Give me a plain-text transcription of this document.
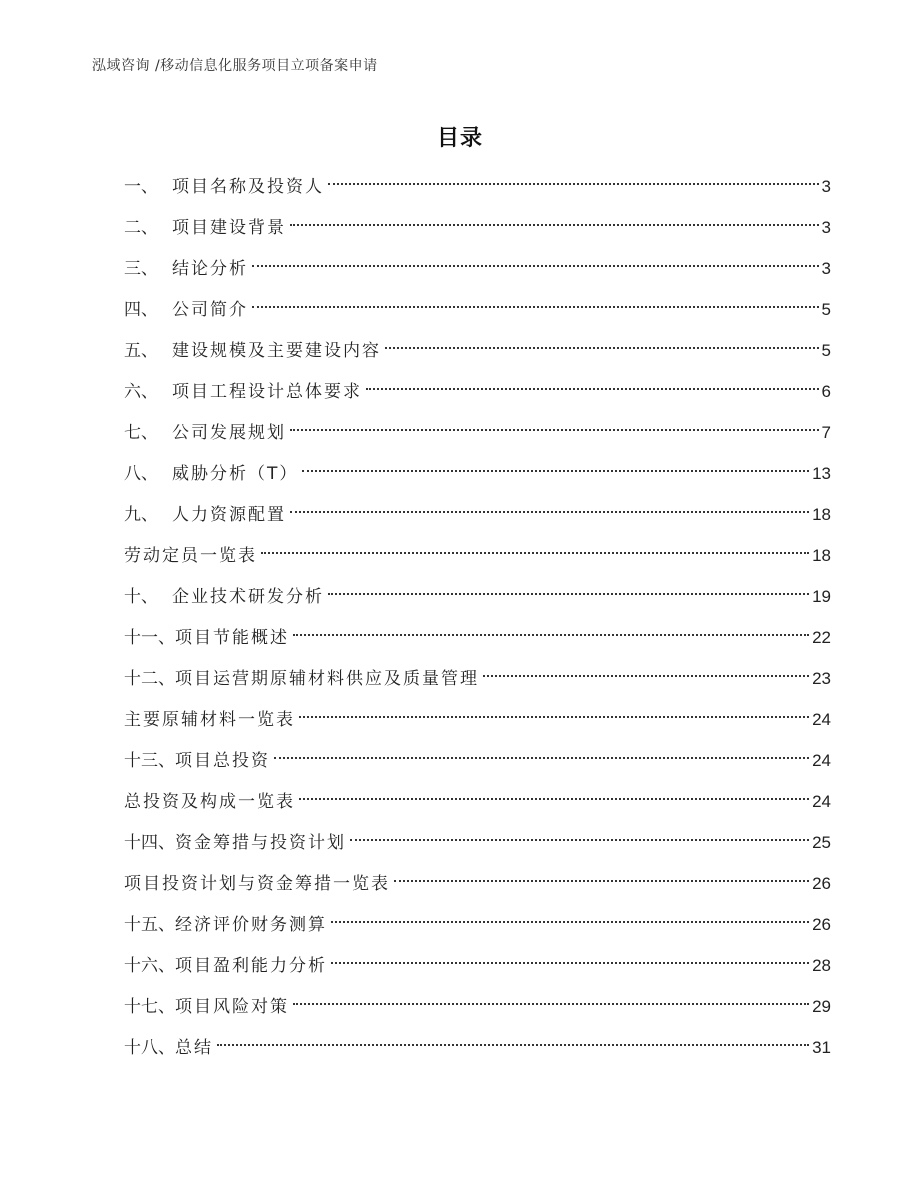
泓域咨询 /移动信息化服务项目立项备案申请
目录
一、 项目名称及投资人	3
二、 项目建设背景	3
三、 结论分析	3
四、 公司简介	5
五、 建设规模及主要建设内容	5
六、 项目工程设计总体要求	6
七、 公司发展规划	7
八、 威胁分析（T）	13
九、 人力资源配置	18
劳动定员一览表	18
十、 企业技术研发分析	19
十一、 项目节能概述	22
十二、 项目运营期原辅材料供应及质量管理	23
主要原辅材料一览表	24
十三、 项目总投资	24
总投资及构成一览表	24
十四、 资金筹措与投资计划	25
项目投资计划与资金筹措一览表	26
十五、 经济评价财务测算	26
十六、 项目盈利能力分析	28
十七、 项目风险对策	29
十八、 总结	31
